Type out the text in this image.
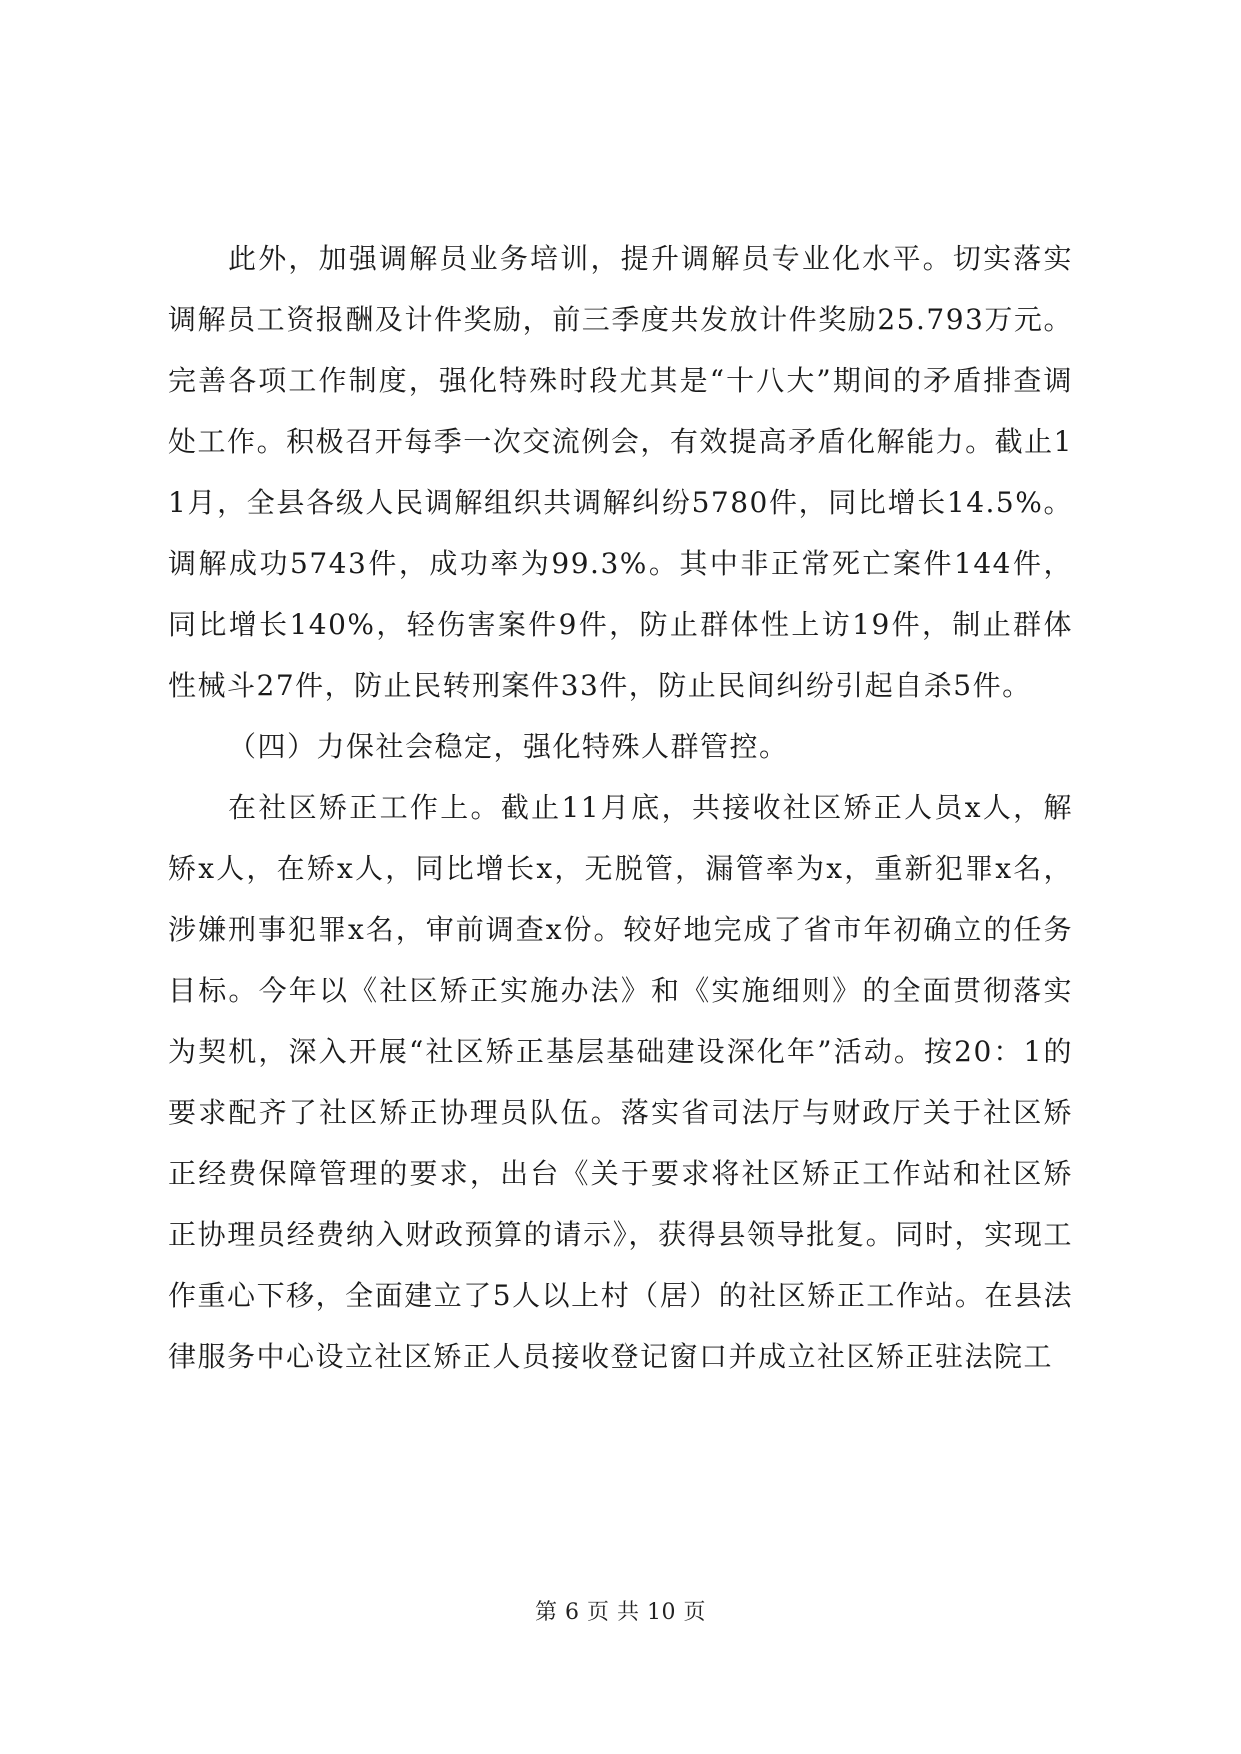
此外，加强调解员业务培训，提升调解员专业化水平。切实落实调解员工资报酬及计件奖励，前三季度共发放计件奖励25.793万元。完善各项工作制度，强化特殊时段尤其是“十八大”期间的矛盾排查调处工作。积极召开每季一次交流例会，有效提高矛盾化解能力。截止11月，全县各级人民调解组织共调解纠纷5780件，同比增长14.5%。调解成功5743件，成功率为99.3%。其中非正常死亡案件144件，同比增长140%，轻伤害案件9件，防止群体性上访19件，制止群体性械斗27件，防止民转刑案件33件，防止民间纠纷引起自杀5件。

（四）力保社会稳定，强化特殊人群管控。

在社区矫正工作上。截止11月底，共接收社区矫正人员x人，解矫x人，在矫x人，同比增长x，无脱管，漏管率为x，重新犯罪x名，涉嫌刑事犯罪x名，审前调查x份。较好地完成了省市年初确立的任务目标。今年以《社区矫正实施办法》和《实施细则》的全面贯彻落实为契机，深入开展“社区矫正基层基础建设深化年”活动。按20：1的要求配齐了社区矫正协理员队伍。落实省司法厅与财政厅关于社区矫正经费保障管理的要求，出台《关于要求将社区矫正工作站和社区矫正协理员经费纳入财政预算的请示》，获得县领导批复。同时，实现工作重心下移，全面建立了5人以上村（居）的社区矫正工作站。在县法律服务中心设立社区矫正人员接收登记窗口并成立社区矫正驻法院工

第 6 页 共 10 页
